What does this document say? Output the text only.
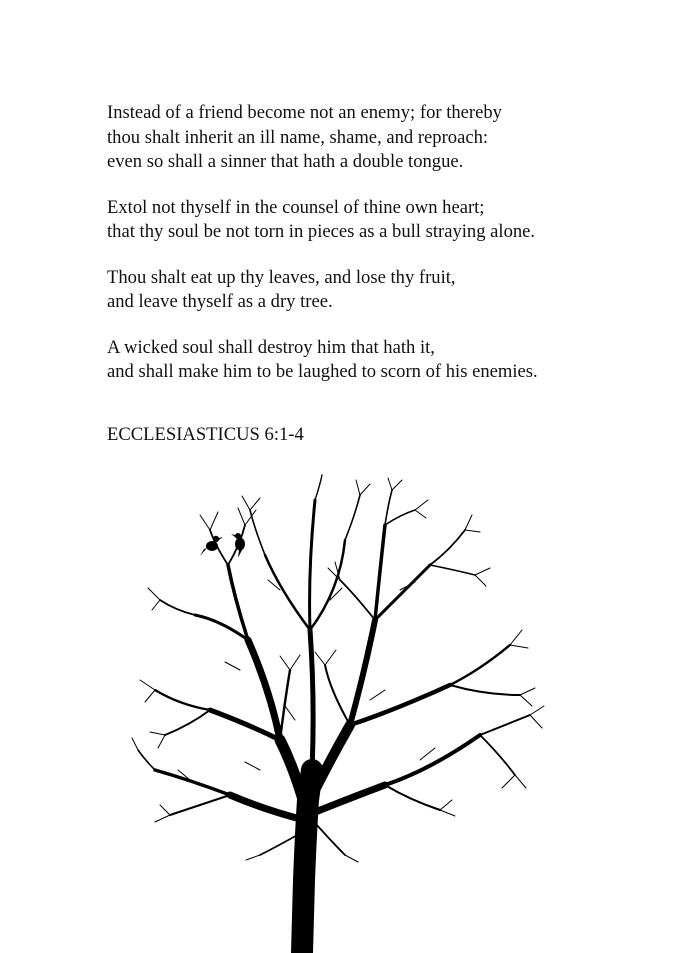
Instead of a friend become not an enemy; for thereby
thou shalt inherit an ill name, shame, and reproach:
even so shall a sinner that hath a double tongue.

Extol not thyself in the counsel of thine own heart;
that thy soul be not torn in pieces as a bull straying alone.

Thou shalt eat up thy leaves, and lose thy fruit,
and leave thyself as a dry tree.

A wicked soul shall destroy him that hath it,
and shall make him to be laughed to scorn of his enemies.

ECCLESIASTICUS 6:1-4
